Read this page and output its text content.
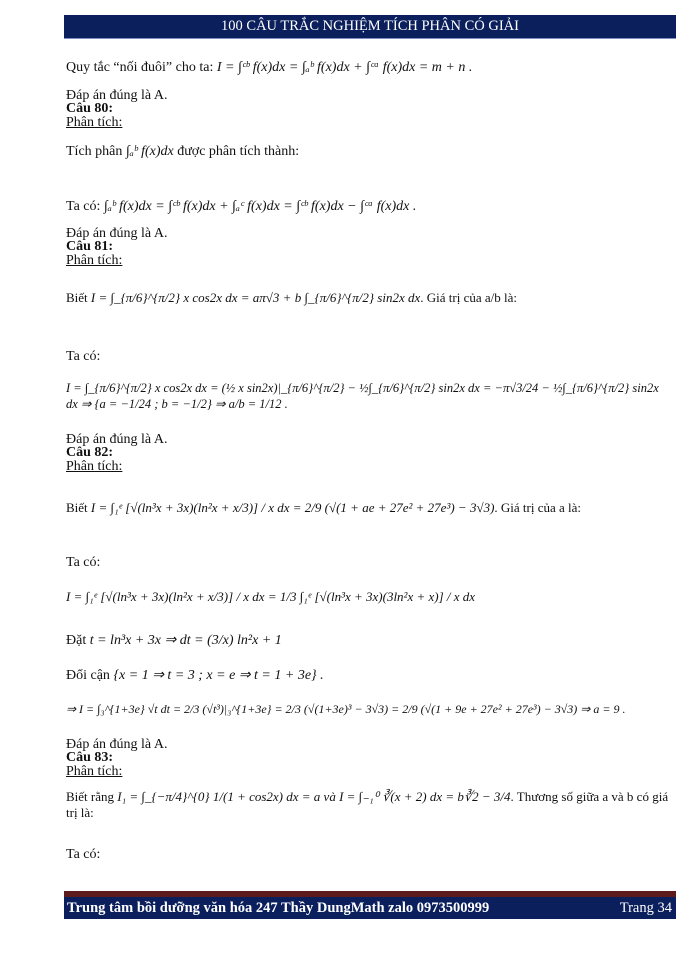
100 CÂU TRẮC NGHIỆM TÍCH PHÂN CÓ GIẢI
Quy tắc “nối đuôi” cho ta: I = ∫ᶜᵇ f(x)dx = ∫ₐᵇ f(x)dx + ∫ᶜᵃ f(x)dx = m + n .
Đáp án đúng là A.
Câu 80:
Phân tích:
Tích phân ∫ₐᵇ f(x)dx được phân tích thành:
Ta có: ∫ₐᵇ f(x)dx = ∫ᶜᵇ f(x)dx + ∫ₐᶜ f(x)dx = ∫ᶜᵇ f(x)dx − ∫ᶜᵃ f(x)dx .
Đáp án đúng là A.
Câu 81:
Phân tích:
Biết I = ∫_{π/6}^{π/2} x cos2x dx = aπ√3 + b ∫_{π/6}^{π/2} sin2x dx. Giá trị của a/b là:
Ta có:
I = ∫_{π/6}^{π/2} x cos2x dx = (½ x sin2x)|_{π/6}^{π/2} − ½∫_{π/6}^{π/2} sin2x dx = −π√3/24 − ½∫_{π/6}^{π/2} sin2x dx ⇒ {a = −1/24 ; b = −1/2} ⇒ a/b = 1/12 .
Đáp án đúng là A.
Câu 82:
Phân tích:
Biết I = ∫₁ᵉ [√(ln³x + 3x)(ln²x + x/3)] / x dx = 2/9 (√(1 + ae + 27e² + 27e³) − 3√3). Giá trị của a là:
Ta có:
I = ∫₁ᵉ [√(ln³x + 3x)(ln²x + x/3)] / x dx = 1/3 ∫₁ᵉ [√(ln³x + 3x)(3ln²x + x)] / x dx
Đặt t = ln³x + 3x ⇒ dt = (3/x) ln²x + 1
Đổi cận {x = 1 ⇒ t = 3 ; x = e ⇒ t = 1 + 3e} .
⇒ I = ∫₃^{1+3e} √t dt = 2/3 (√t³)|₃^{1+3e} = 2/3 (√(1+3e)³ − 3√3) = 2/9 (√(1 + 9e + 27e² + 27e³) − 3√3) ⇒ a = 9 .
Đáp án đúng là A.
Câu 83:
Phân tích:
Biết rằng I₁ = ∫_{−π/4}^{0} 1/(1 + cos2x) dx = a và I = ∫₋₁⁰ ∛(x + 2) dx = b∛2 − 3/4. Thương số giữa a và b có giá trị là:
Ta có:
Trung tâm bồi dưỡng văn hóa 247 Thầy DungMath zalo 0973500999	Trang 34
